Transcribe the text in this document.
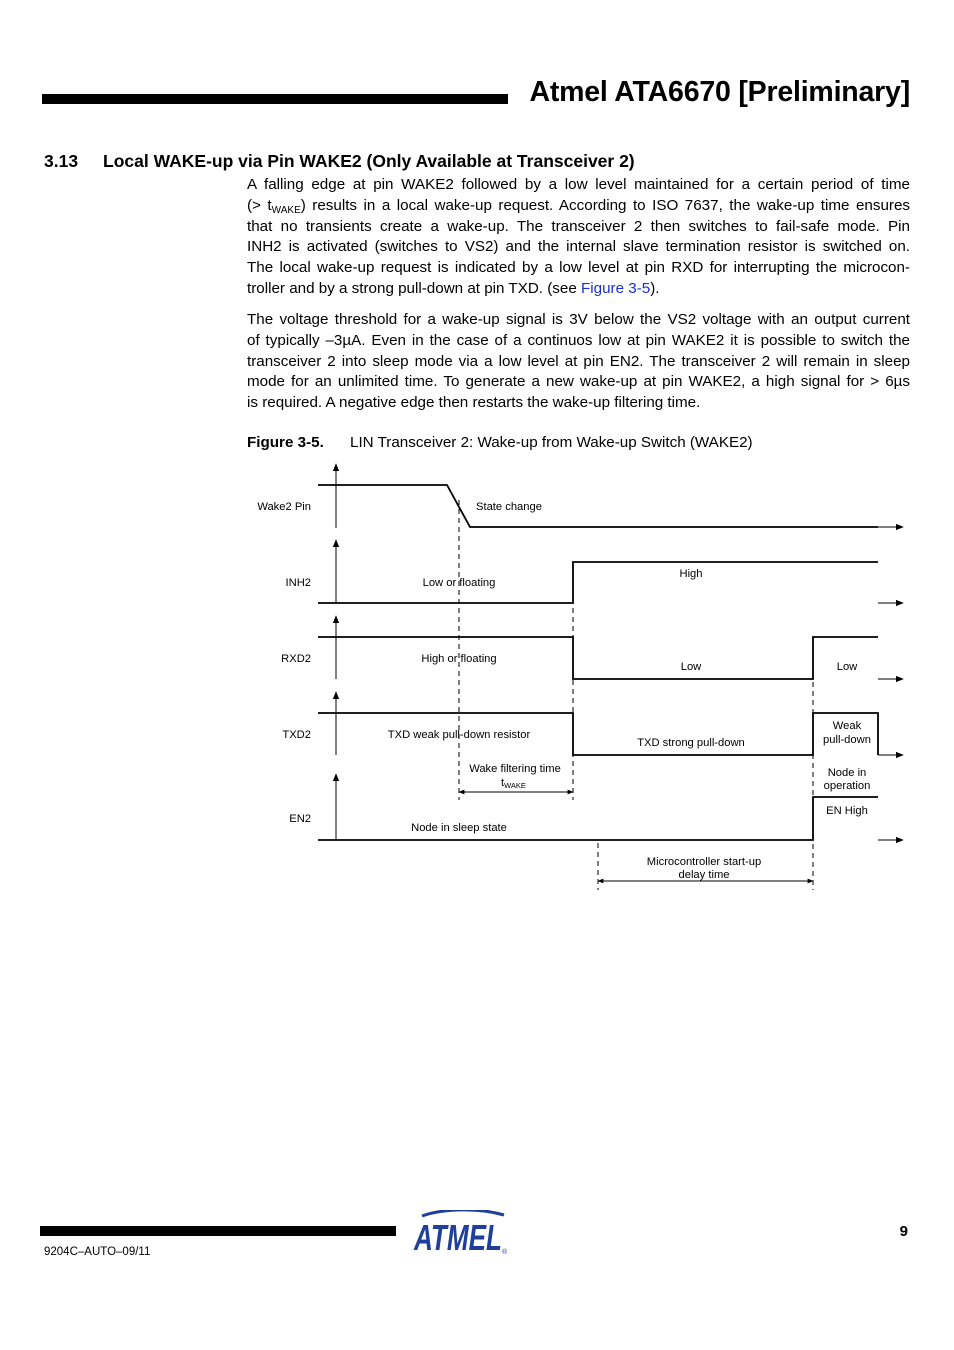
Atmel ATA6670 [Preliminary]
3.13 Local WAKE-up via Pin WAKE2 (Only Available at Transceiver 2)

A falling edge at pin WAKE2 followed by a low level maintained for a certain period of time
(> $t_{WAKE}$) results in a local wake-up request. According to ISO 7637, the wake-up time ensures
that no transients create a wake-up. The transceiver 2 then switches to fail-safe mode. Pin
INH2 is activated (switches to VS2) and the internal slave termination resistor is switched on.
The local wake-up request is indicated by a low level at pin RXD for interrupting the microcon-
troller and by a strong pull-down at pin TXD. (see Figure 3-5).

The voltage threshold for a wake-up signal is 3V below the VS2 voltage with an output current
of typically –3µA. Even in the case of a continuos low at pin WAKE2 it is possible to switch the
transceiver 2 into sleep mode via a low level at pin EN2. The transceiver 2 will remain in sleep
mode for an unlimited time. To generate a new wake-up at pin WAKE2, a high signal for > 6µs
is required. A negative edge then restarts the wake-up filtering time.

Figure 3-5. LIN Transceiver 2: Wake-up from Wake-up Switch (WAKE2)
Wake2 Pin
INH2
RXD2
TXD2
EN2
State change
Low or floating
High
High or floating
Low	Low
TXD weak pull-down resistor
TXD strong pull-down
Weak
pull-down
Node in sleep state
EN High
Node in
operation
Wake filtering time
tWAKE
Microcontroller start-up
delay time
ATMEL ®
9
9204C–AUTO–09/11
